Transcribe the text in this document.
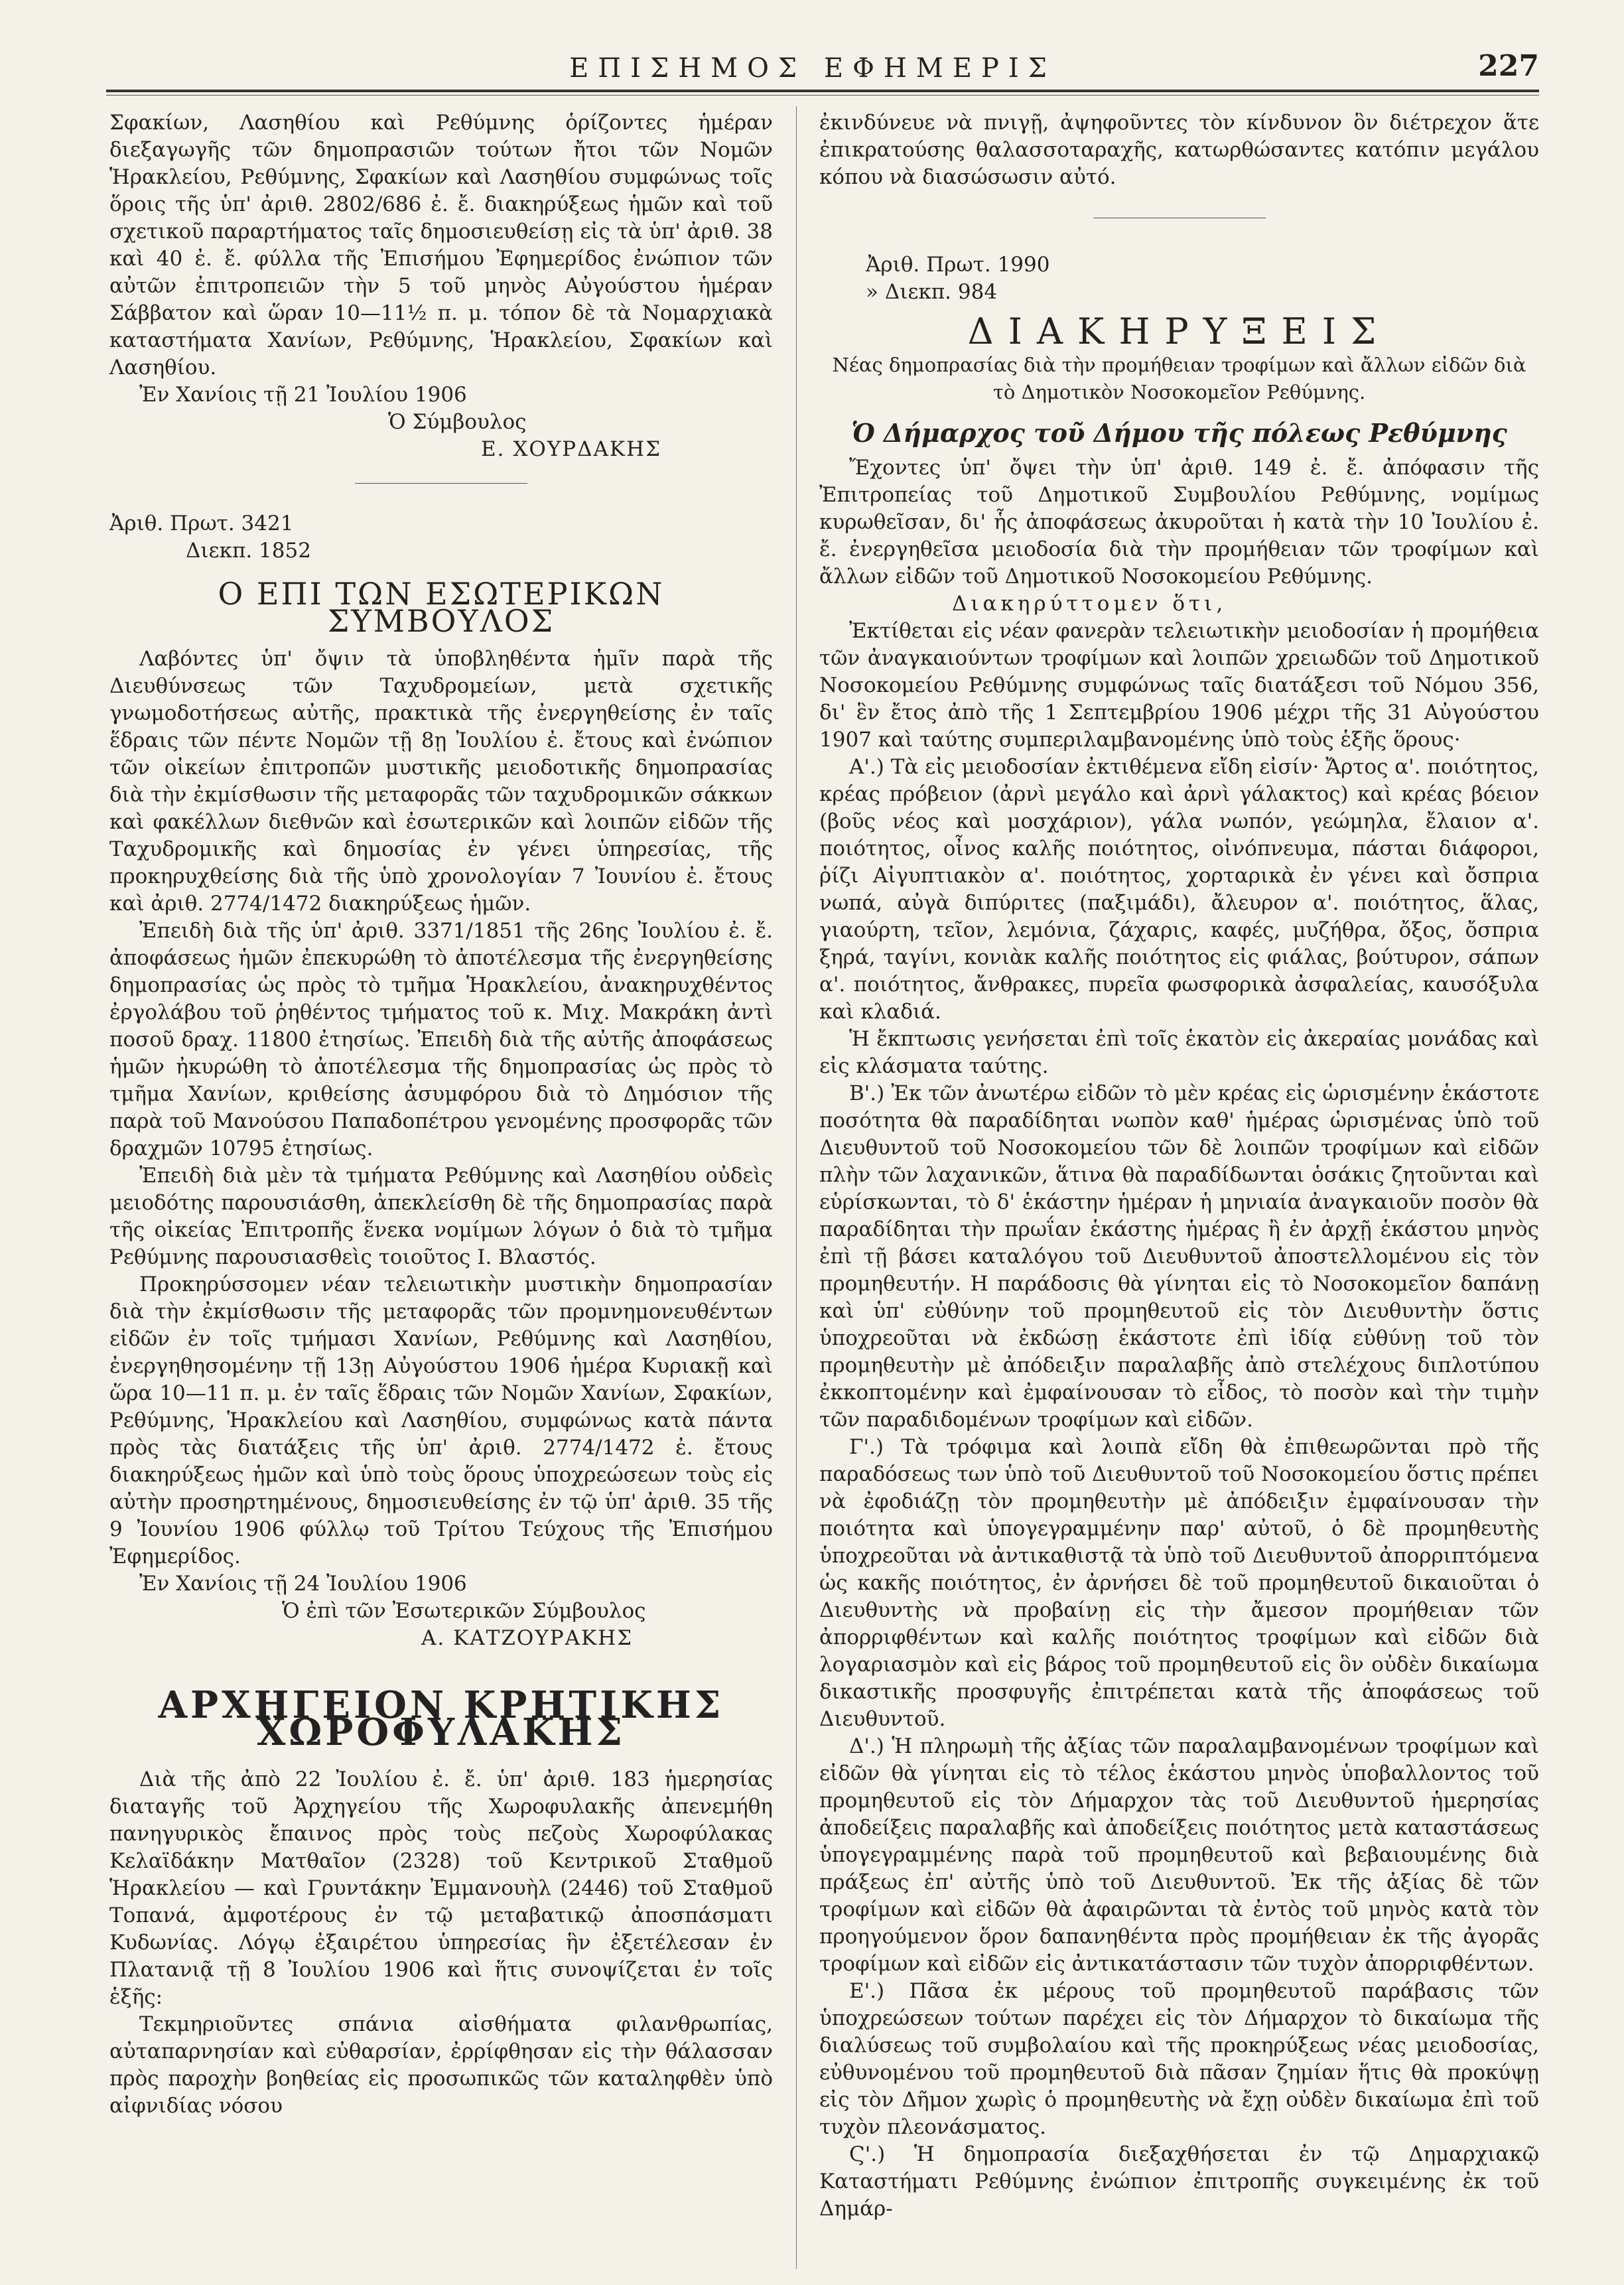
ΕΠΙΣΗΜΟΣ ΕΦΗΜΕΡΙΣ	227

Σφακίων, Λασηθίου καὶ Ρεθύμνης ὁρίζοντες ἡμέραν διεξαγωγῆς τῶν δημοπρασιῶν τούτων ἤτοι τῶν Νομῶν Ἡρακλείου, Ρεθύμνης, Σφακίων καὶ Λασηθίου συμφώνως τοῖς ὅροις τῆς ὑπ' ἀριθ. 2802/686 ἐ. ἔ. διακηρύξεως ἡμῶν καὶ τοῦ σχετικοῦ παραρτήματος ταῖς δημοσιευθείσῃ εἰς τὰ ὑπ' ἀριθ. 38 καὶ 40 ἐ. ἔ. φύλλα τῆς Ἐπισήμου Ἐφημερίδος ἐνώπιον τῶν αὐτῶν ἐπιτροπειῶν τὴν 5 τοῦ μηνὸς Αὐγούστου ἡμέραν Σάββατον καὶ ὥραν 10—11½ π. μ. τόπον δὲ τὰ Νομαρχιακὰ καταστήματα Χανίων, Ρεθύμνης, Ἡρακλείου, Σφακίων καὶ Λασηθίου.

Ἐν Χανίοις τῇ 21 Ἰουλίου 1906

Ὁ Σύμβουλος

Ε. ΧΟΥΡΔΑΚΗΣ

Ἀριθ. Πρωτ. 3421

Διεκπ. 1852

Ο ΕΠΙ ΤΩΝ ΕΣΩΤΕΡΙΚΩΝ ΣΥΜΒΟΥΛΟΣ

Λαβόντες ὑπ' ὄψιν τὰ ὑποβληθέντα ἡμῖν παρὰ τῆς Διευθύνσεως τῶν Ταχυδρομείων, μετὰ σχετικῆς γνωμοδοτήσεως αὐτῆς, πρακτικὰ τῆς ἐνεργηθείσης ἐν ταῖς ἕδραις τῶν πέντε Νομῶν τῇ 8ῃ Ἰουλίου ἐ. ἔτους καὶ ἐνώπιον τῶν οἰκείων ἐπιτροπῶν μυστικῆς μειοδοτικῆς δημοπρασίας διὰ τὴν ἐκμίσθωσιν τῆς μεταφορᾶς τῶν ταχυδρομικῶν σάκκων καὶ φακέλλων διεθνῶν καὶ ἐσωτερικῶν καὶ λοιπῶν εἰδῶν τῆς Ταχυδρομικῆς καὶ δημοσίας ἐν γένει ὑπηρεσίας, τῆς προκηρυχθείσης διὰ τῆς ὑπὸ χρονολογίαν 7 Ἰουνίου ἐ. ἔτους καὶ ἀριθ. 2774/1472 διακηρύξεως ἡμῶν.

Ἐπειδὴ διὰ τῆς ὑπ' ἀριθ. 3371/1851 τῆς 26ης Ἰουλίου ἐ. ἔ. ἀποφάσεως ἡμῶν ἐπεκυρώθη τὸ ἀποτέλεσμα τῆς ἐνεργηθείσης δημοπρασίας ὡς πρὸς τὸ τμῆμα Ἡρακλείου, ἀνακηρυχθέντος ἐργολάβου τοῦ ῥηθέντος τμήματος τοῦ κ. Μιχ. Μακράκη ἀντὶ ποσοῦ δραχ. 11800 ἐτησίως. Ἐπειδὴ διὰ τῆς αὐτῆς ἀποφάσεως ἡμῶν ἠκυρώθη τὸ ἀποτέλεσμα τῆς δημοπρασίας ὡς πρὸς τὸ τμῆμα Χανίων, κριθείσης ἀσυμφόρου διὰ τὸ Δημόσιον τῆς παρὰ τοῦ Μανούσου Παπαδοπέτρου γενομένης προσφορᾶς τῶν δραχμῶν 10795 ἐτησίως.

Ἐπειδὴ διὰ μὲν τὰ τμήματα Ρεθύμνης καὶ Λασηθίου οὐδεὶς μειοδότης παρουσιάσθη, ἀπεκλείσθη δὲ τῆς δημοπρασίας παρὰ τῆς οἰκείας Ἐπιτροπῆς ἕνεκα νομίμων λόγων ὁ διὰ τὸ τμῆμα Ρεθύμνης παρουσιασθεὶς τοιοῦτος Ι. Βλαστός.

Προκηρύσσομεν νέαν τελειωτικὴν μυστικὴν δημοπρασίαν διὰ τὴν ἐκμίσθωσιν τῆς μεταφορᾶς τῶν προμνημονευθέντων εἰδῶν ἐν τοῖς τμήμασι Χανίων, Ρεθύμνης καὶ Λασηθίου, ἐνεργηθησομένην τῇ 13ῃ Αὐγούστου 1906 ἡμέρα Κυριακῇ καὶ ὥρα 10—11 π. μ. ἐν ταῖς ἕδραις τῶν Νομῶν Χανίων, Σφακίων, Ρεθύμνης, Ἡρακλείου καὶ Λασηθίου, συμφώνως κατὰ πάντα πρὸς τὰς διατάξεις τῆς ὑπ' ἀριθ. 2774/1472 ἐ. ἔτους διακηρύξεως ἡμῶν καὶ ὑπὸ τοὺς ὅρους ὑποχρεώσεων τοὺς εἰς αὐτὴν προσηρτημένους, δημοσιευθείσης ἐν τῷ ὑπ' ἀριθ. 35 τῆς 9 Ἰουνίου 1906 φύλλῳ τοῦ Τρίτου Τεύχους τῆς Ἐπισήμου Ἐφημερίδος.

Ἐν Χανίοις τῇ 24 Ἰουλίου 1906

Ὁ ἐπὶ τῶν Ἐσωτερικῶν Σύμβουλος

Α. ΚΑΤΖΟΥΡΑΚΗΣ

ΑΡΧΗΓΕΙΟΝ ΚΡΗΤΙΚΗΣ ΧΩΡΟΦΥΛΑΚΗΣ

Διὰ τῆς ἀπὸ 22 Ἰουλίου ἐ. ἔ. ὑπ' ἀριθ. 183 ἡμερησίας διαταγῆς τοῦ Ἀρχηγείου τῆς Χωροφυλακῆς ἀπενεμήθη πανηγυρικὸς ἔπαινος πρὸς τοὺς πεζοὺς Χωροφύλακας Κελαϊδάκην Ματθαῖον (2328) τοῦ Κεντρικοῦ Σταθμοῦ Ἡρακλείου — καὶ Γρυντάκην Ἐμμανουὴλ (2446) τοῦ Σταθμοῦ Τοπανά, ἀμφοτέρους ἐν τῷ μεταβατικῷ ἀποσπάσματι Κυδωνίας. Λόγῳ ἐξαιρέτου ὑπηρεσίας ἣν ἐξετέλεσαν ἐν Πλατανιᾷ τῇ 8 Ἰουλίου 1906 καὶ ἥτις συνοψίζεται ἐν τοῖς ἑξῆς:

Τεκμηριοῦντες σπάνια αἰσθήματα φιλανθρωπίας, αὐταπαρνησίαν καὶ εὐθαρσίαν, ἐρρίφθησαν εἰς τὴν θάλασσαν πρὸς παροχὴν βοηθείας εἰς προσωπικῶς τῶν καταληφθὲν ὑπὸ αἰφνιδίας νόσου

ἐκινδύνευε νὰ πνιγῇ, ἀψηφοῦντες τὸν κίνδυνον ὃν διέτρεχον ἅτε ἐπικρατούσης θαλασσοταραχῆς, κατωρθώσαντες κατόπιν μεγάλου κόπου νὰ διασώσωσιν αὐτό.

Ἀριθ. Πρωτ. 1990

» Διεκπ. 984

ΔΙΑΚΗΡΥΞΕΙΣ

Νέας δημοπρασίας διὰ τὴν προμήθειαν τροφίμων καὶ ἄλλων εἰδῶν διὰ τὸ Δημοτικὸν Νοσοκομεῖον Ρεθύμνης.

Ὁ Δήμαρχος τοῦ Δήμου τῆς πόλεως Ρεθύμνης

Ἔχοντες ὑπ' ὄψει τὴν ὑπ' ἀριθ. 149 ἐ. ἔ. ἀπόφασιν τῆς Ἐπιτροπείας τοῦ Δημοτικοῦ Συμβουλίου Ρεθύμνης, νομίμως κυρωθεῖσαν, δι' ἧς ἀποφάσεως ἀκυροῦται ἡ κατὰ τὴν 10 Ἰουλίου ἐ. ἔ. ἐνεργηθεῖσα μειοδοσία διὰ τὴν προμήθειαν τῶν τροφίμων καὶ ἄλλων εἰδῶν τοῦ Δημοτικοῦ Νοσοκομείου Ρεθύμνης.

Διακηρύττομεν ὅτι,

Ἐκτίθεται εἰς νέαν φανερὰν τελειωτικὴν μειοδοσίαν ἡ προμήθεια τῶν ἀναγκαιούντων τροφίμων καὶ λοιπῶν χρειωδῶν τοῦ Δημοτικοῦ Νοσοκομείου Ρεθύμνης συμφώνως ταῖς διατάξεσι τοῦ Νόμου 356, δι' ἓν ἔτος ἀπὸ τῆς 1 Σεπτεμβρίου 1906 μέχρι τῆς 31 Αὐγούστου 1907 καὶ ταύτης συμπεριλαμβανομένης ὑπὸ τοὺς ἑξῆς ὅρους·

Α'.) Τὰ εἰς μειοδοσίαν ἐκτιθέμενα εἴδη εἰσίν· Ἄρτος α'. ποιότητος, κρέας πρόβειον (ἀρνὶ μεγάλο καὶ ἀρνὶ γάλακτος) καὶ κρέας βόειον (βοῦς νέος καὶ μοσχάριον), γάλα νωπόν, γεώμηλα, ἔλαιον α'. ποιότητος, οἶνος καλῆς ποιότητος, οἰνόπνευμα, πάσται διάφοροι, ῥίζι Αἰγυπτιακὸν α'. ποιότητος, χορταρικὰ ἐν γένει καὶ ὄσπρια νωπά, αὐγὰ διπύριτες (παξιμάδι), ἄλευρον α'. ποιότητος, ἅλας, γιαούρτη, τεῖον, λεμόνια, ζάχαρις, καφές, μυζήθρα, ὄξος, ὄσπρια ξηρά, ταγίνι, κονιὰκ καλῆς ποιότητος εἰς φιάλας, βούτυρον, σάπων α'. ποιότητος, ἄνθρακες, πυρεῖα φωσφορικὰ ἀσφαλείας, καυσόξυλα καὶ κλαδιά.

Ἡ ἔκπτωσις γενήσεται ἐπὶ τοῖς ἑκατὸν εἰς ἀκεραίας μονάδας καὶ εἰς κλάσματα ταύτης.

Β'.) Ἐκ τῶν ἀνωτέρω εἰδῶν τὸ μὲν κρέας εἰς ὡρισμένην ἑκάστοτε ποσότητα θὰ παραδίδηται νωπὸν καθ' ἡμέρας ὡρισμένας ὑπὸ τοῦ Διευθυντοῦ τοῦ Νοσοκομείου τῶν δὲ λοιπῶν τροφίμων καὶ εἰδῶν πλὴν τῶν λαχανικῶν, ἅτινα θὰ παραδίδωνται ὁσάκις ζητοῦνται καὶ εὑρίσκωνται, τὸ δ' ἑκάστην ἡμέραν ἡ μηνιαία ἀναγκαιοῦν ποσὸν θὰ παραδίδηται τὴν πρωΐαν ἑκάστης ἡμέρας ἢ ἐν ἀρχῇ ἑκάστου μηνὸς ἐπὶ τῇ βάσει καταλόγου τοῦ Διευθυντοῦ ἀποστελλομένου εἰς τὸν προμηθευτήν. Η παράδοσις θὰ γίνηται εἰς τὸ Νοσοκομεῖον δαπάνῃ καὶ ὑπ' εὐθύνην τοῦ προμηθευτοῦ εἰς τὸν Διευθυντὴν ὅστις ὑποχρεοῦται νὰ ἐκδώσῃ ἑκάστοτε ἐπὶ ἰδίᾳ εὐθύνῃ τοῦ τὸν προμηθευτὴν μὲ ἀπόδειξιν παραλαβῆς ἀπὸ στελέχους διπλοτύπου ἐκκοπτομένην καὶ ἐμφαίνουσαν τὸ εἶδος, τὸ ποσὸν καὶ τὴν τιμὴν τῶν παραδιδομένων τροφίμων καὶ εἰδῶν.

Γ'.) Τὰ τρόφιμα καὶ λοιπὰ εἴδη θὰ ἐπιθεωρῶνται πρὸ τῆς παραδόσεως των ὑπὸ τοῦ Διευθυντοῦ τοῦ Νοσοκομείου ὅστις πρέπει νὰ ἐφοδιάζῃ τὸν προμηθευτὴν μὲ ἀπόδειξιν ἐμφαίνουσαν τὴν ποιότητα καὶ ὑπογεγραμμένην παρ' αὐτοῦ, ὁ δὲ προμηθευτὴς ὑποχρεοῦται νὰ ἀντικαθιστᾷ τὰ ὑπὸ τοῦ Διευθυντοῦ ἀπορριπτόμενα ὡς κακῆς ποιότητος, ἐν ἀρνήσει δὲ τοῦ προμηθευτοῦ δικαιοῦται ὁ Διευθυντὴς νὰ προβαίνῃ εἰς τὴν ἄμεσον προμήθειαν τῶν ἀπορριφθέντων καὶ καλῆς ποιότητος τροφίμων καὶ εἰδῶν διὰ λογαριασμὸν καὶ εἰς βάρος τοῦ προμηθευτοῦ εἰς ὃν οὐδὲν δικαίωμα δικαστικῆς προσφυγῆς ἐπιτρέπεται κατὰ τῆς ἀποφάσεως τοῦ Διευθυντοῦ.

Δ'.) Ἡ πληρωμὴ τῆς ἀξίας τῶν παραλαμβανομένων τροφίμων καὶ εἰδῶν θὰ γίνηται εἰς τὸ τέλος ἑκάστου μηνὸς ὑποβαλλοντος τοῦ προμηθευτοῦ εἰς τὸν Δήμαρχον τὰς τοῦ Διευθυντοῦ ἡμερησίας ἀποδείξεις παραλαβῆς καὶ ἀποδείξεις ποιότητος μετὰ καταστάσεως ὑπογεγραμμένης παρὰ τοῦ προμηθευτοῦ καὶ βεβαιουμένης διὰ πράξεως ἐπ' αὐτῆς ὑπὸ τοῦ Διευθυντοῦ. Ἐκ τῆς ἀξίας δὲ τῶν τροφίμων καὶ εἰδῶν θὰ ἀφαιρῶνται τὰ ἐντὸς τοῦ μηνὸς κατὰ τὸν προηγούμενον ὅρον δαπανηθέντα πρὸς προμήθειαν ἐκ τῆς ἀγορᾶς τροφίμων καὶ εἰδῶν εἰς ἀντικατάστασιν τῶν τυχὸν ἀπορριφθέντων.

Ε'.) Πᾶσα ἐκ μέρους τοῦ προμηθευτοῦ παράβασις τῶν ὑποχρεώσεων τούτων παρέχει εἰς τὸν Δήμαρχον τὸ δικαίωμα τῆς διαλύσεως τοῦ συμβολαίου καὶ τῆς προκηρύξεως νέας μειοδοσίας, εὐθυνομένου τοῦ προμηθευτοῦ διὰ πᾶσαν ζημίαν ἥτις θὰ προκύψῃ εἰς τὸν Δῆμον χωρὶς ὁ προμηθευτὴς νὰ ἔχῃ οὐδὲν δικαίωμα ἐπὶ τοῦ τυχὸν πλεονάσματος.

Ϛ'.) Ἡ δημοπρασία διεξαχθήσεται ἐν τῷ Δημαρχιακῷ Καταστήματι Ρεθύμνης ἐνώπιον ἐπιτροπῆς συγκειμένης ἐκ τοῦ Δημάρ-
